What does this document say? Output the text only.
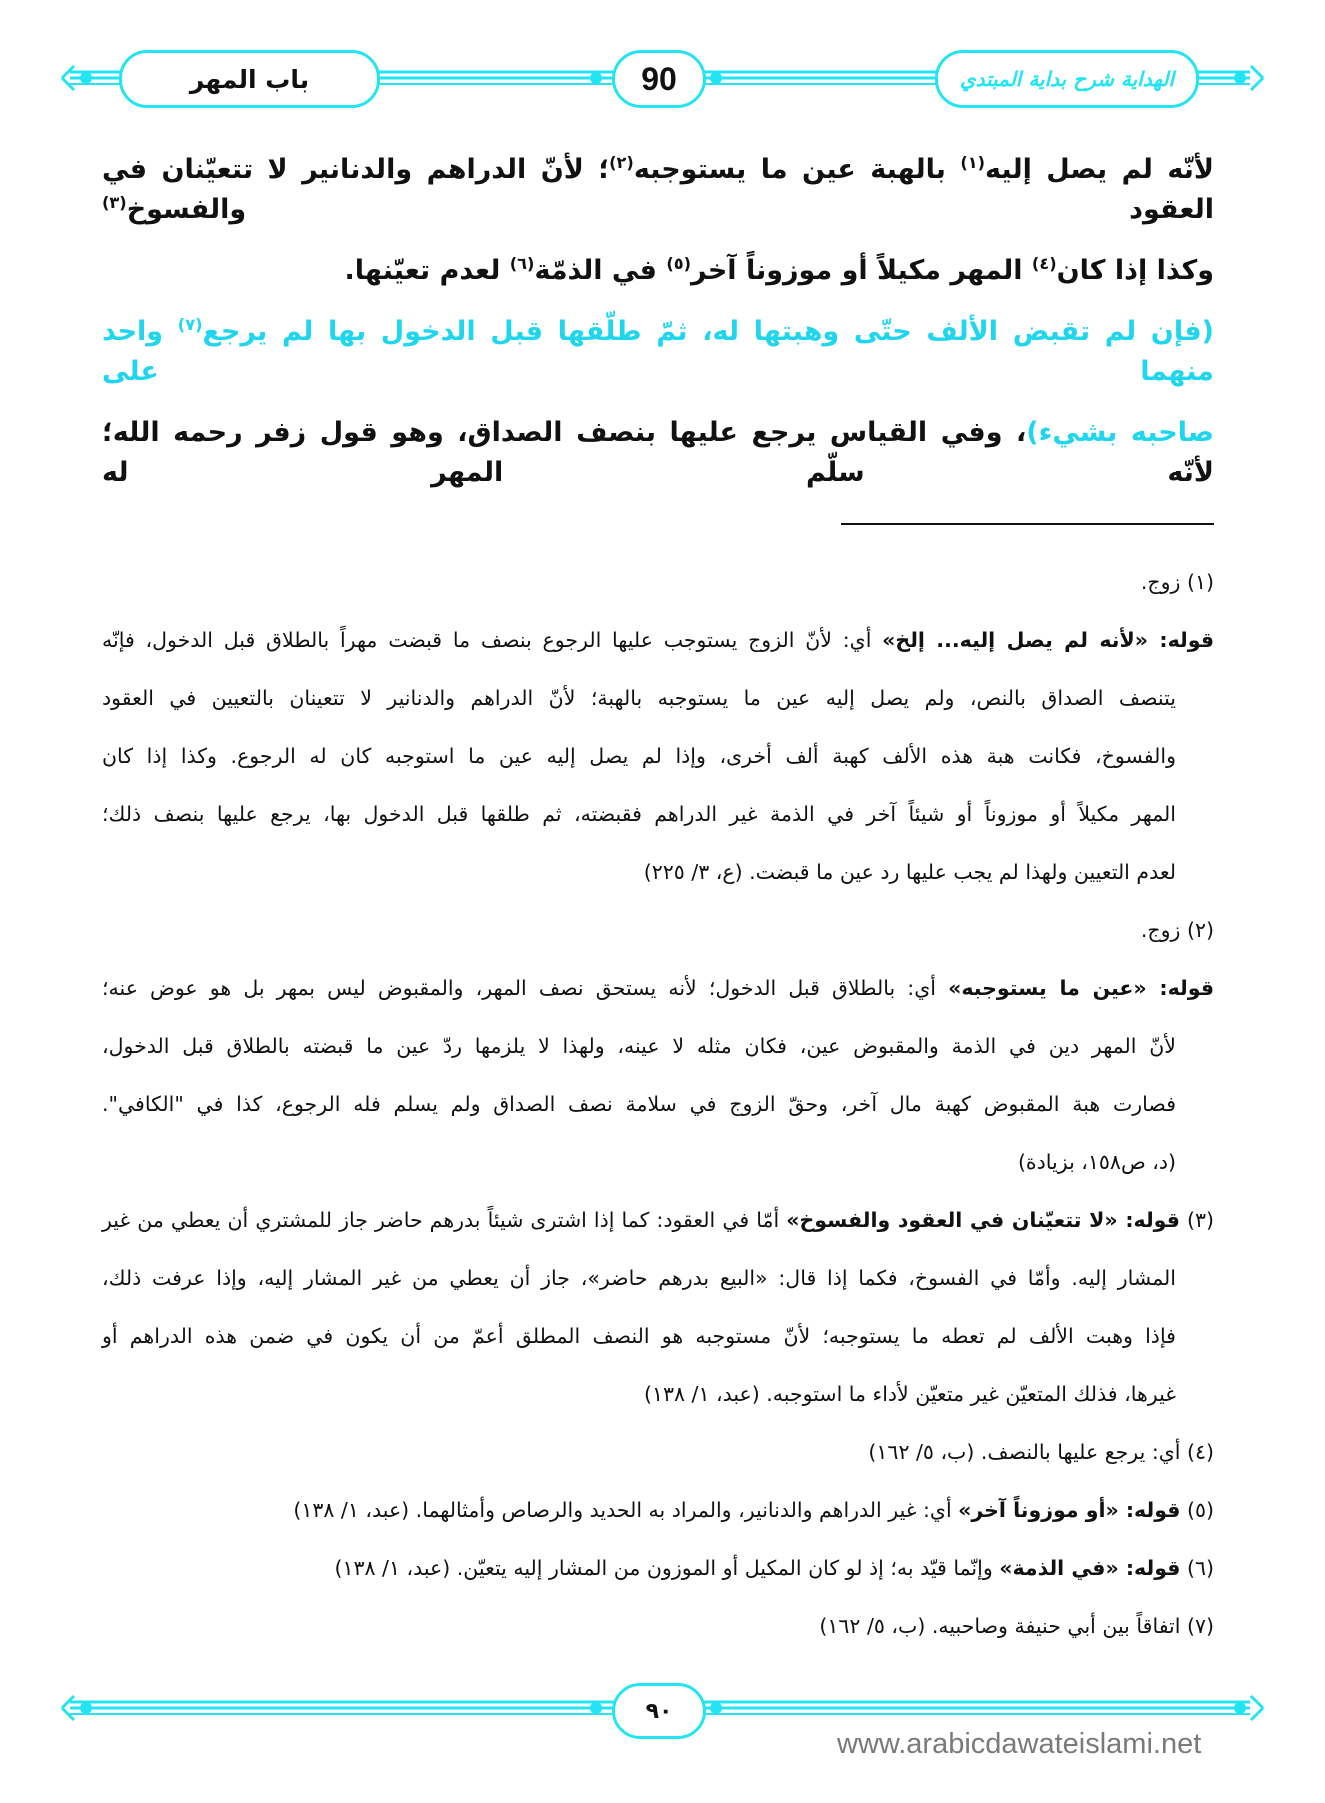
باب المهر	90	الهداية شرح بداية المبتدي
لأنّه لم يصل إليه$^{(١)}$ بالهبة عين ما يستوجبه$^{(٢)}$؛ لأنّ الدراهم والدنانير لا تتعيّنان في العقود والفسوخ$^{(٣)}$
وكذا إذا كان$^{(٤)}$ المهر مكيلاً أو موزوناً آخر$^{(٥)}$ في الذمّة$^{(٦)}$ لعدم تعيّنها.
(فإن لم تقبض الألف حتّى وهبتها له، ثمّ طلّقها قبل الدخول بها لم يرجع$^{(٧)}$ واحد منهما على
صاحبه بشيء)، وفي القياس يرجع عليها بنصف الصداق، وهو قول زفر رحمه الله؛ لأنّه سلّم المهر له
(١) زوج.
قوله: «لأنه لم يصل إليه... إلخ» أي: لأنّ الزوج يستوجب عليها الرجوع بنصف ما قبضت مهراً بالطلاق قبل الدخول، فإنّه
يتنصف الصداق بالنص، ولم يصل إليه عين ما يستوجبه بالهبة؛ لأنّ الدراهم والدنانير لا تتعينان بالتعيين في العقود
والفسوخ، فكانت هبة هذه الألف كهبة ألف أخرى، وإذا لم يصل إليه عين ما استوجبه كان له الرجوع. وكذا إذا كان
المهر مكيلاً أو موزوناً أو شيئاً آخر في الذمة غير الدراهم فقبضته، ثم طلقها قبل الدخول بها، يرجع عليها بنصف ذلك؛
لعدم التعيين ولهذا لم يجب عليها رد عين ما قبضت. (ع، ٣/ ٢٢٥)
(٢) زوج.
قوله: «عين ما يستوجبه» أي: بالطلاق قبل الدخول؛ لأنه يستحق نصف المهر، والمقبوض ليس بمهر بل هو عوض عنه؛
لأنّ المهر دين في الذمة والمقبوض عين، فكان مثله لا عينه، ولهذا لا يلزمها ردّ عين ما قبضته بالطلاق قبل الدخول،
فصارت هبة المقبوض كهبة مال آخر، وحقّ الزوج في سلامة نصف الصداق ولم يسلم فله الرجوع، كذا في "الكافي".
(د، ص١٥٨، بزيادة)
(٣) قوله: «لا تتعيّنان في العقود والفسوخ» أمّا في العقود: كما إذا اشترى شيئاً بدرهم حاضر جاز للمشتري أن يعطي من غير
المشار إليه. وأمّا في الفسوخ، فكما إذا قال: «البيع بدرهم حاضر»، جاز أن يعطي من غير المشار إليه، وإذا عرفت ذلك،
فإذا وهبت الألف لم تعطه ما يستوجبه؛ لأنّ مستوجبه هو النصف المطلق أعمّ من أن يكون في ضمن هذه الدراهم أو
غيرها، فذلك المتعيّن غير متعيّن لأداء ما استوجبه. (عبد، ١/ ١٣٨)
(٤) أي: يرجع عليها بالنصف. (ب، ٥/ ١٦٢)
(٥) قوله: «أو موزوناً آخر» أي: غير الدراهم والدنانير، والمراد به الحديد والرصاص وأمثالهما. (عبد، ١/ ١٣٨)
(٦) قوله: «في الذمة» وإنّما قيّد به؛ إذ لو كان المكيل أو الموزون من المشار إليه يتعيّن. (عبد، ١/ ١٣٨)
(٧) اتفاقاً بين أبي حنيفة وصاحبيه. (ب، ٥/ ١٦٢)
٩٠
www.arabicdawateislami.net
